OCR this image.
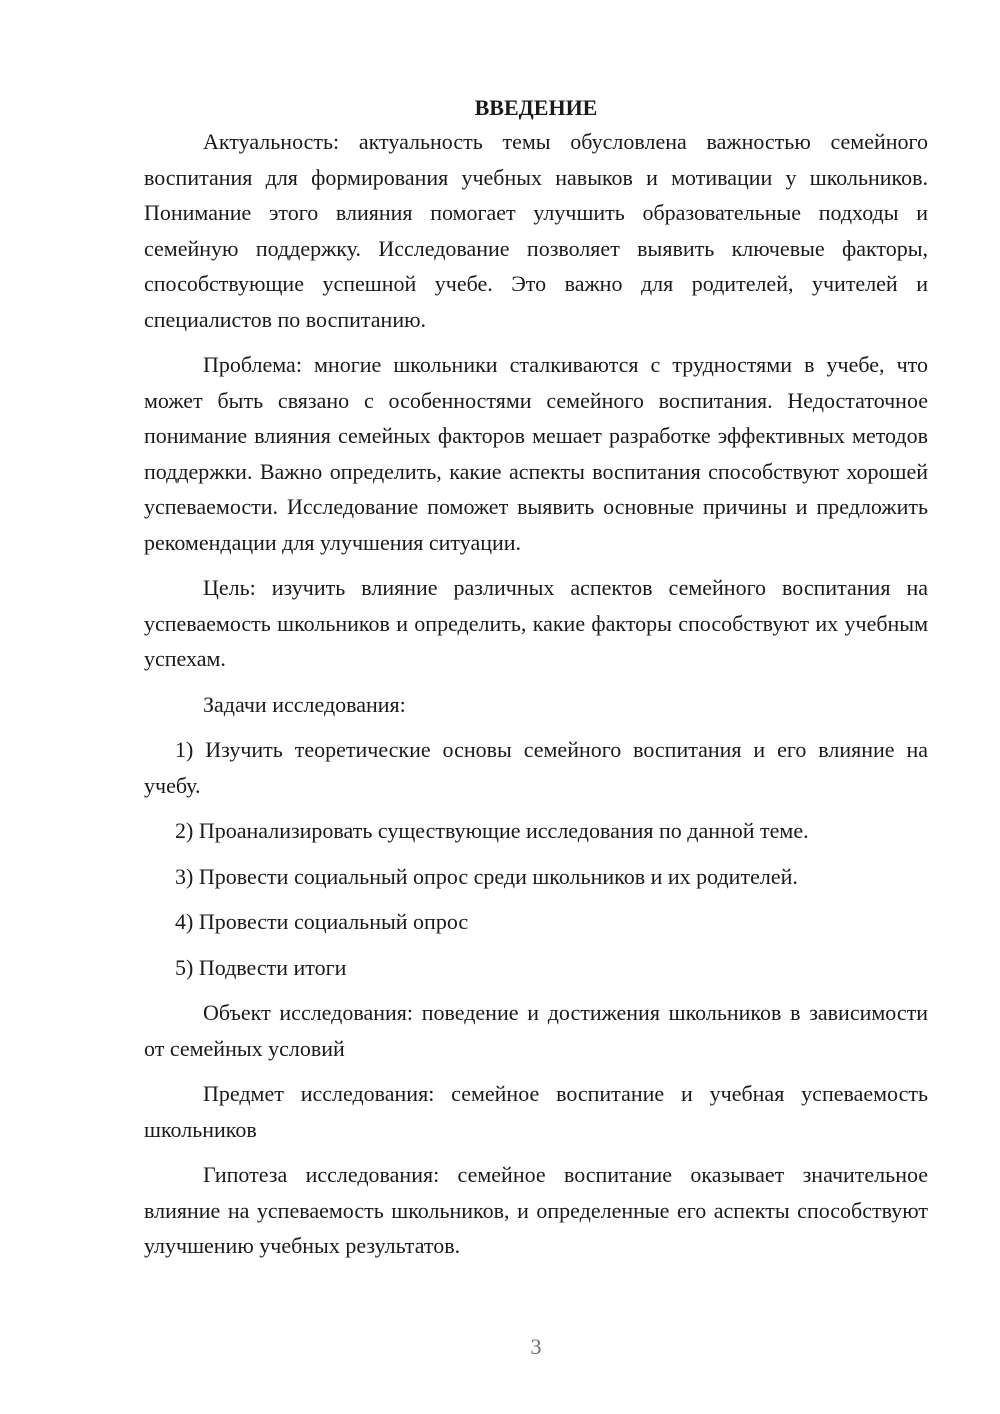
ВВЕДЕНИЕ

Актуальность: актуальность темы обусловлена важностью семейного воспитания для формирования учебных навыков и мотивации у школьников. Понимание этого влияния помогает улучшить образовательные подходы и семейную поддержку. Исследование позволяет выявить ключевые факторы, способствующие успешной учебе. Это важно для родителей, учителей и специалистов по воспитанию.

Проблема: многие школьники сталкиваются с трудностями в учебе, что может быть связано с особенностями семейного воспитания. Недостаточное понимание влияния семейных факторов мешает разработке эффективных методов поддержки. Важно определить, какие аспекты воспитания способствуют хорошей успеваемости. Исследование поможет выявить основные причины и предложить рекомендации для улучшения ситуации.

Цель: изучить влияние различных аспектов семейного воспитания на успеваемость школьников и определить, какие факторы способствуют их учебным успехам.

Задачи исследования:

1) Изучить теоретические основы семейного воспитания и его влияние на учебу.

2) Проанализировать существующие исследования по данной теме.

3) Провести социальный опрос среди школьников и их родителей.

4) Провести социальный опрос

5) Подвести итоги

Объект исследования: поведение и достижения школьников в зависимости от семейных условий

Предмет исследования: семейное воспитание и учебная успеваемость школьников

Гипотеза исследования: семейное воспитание оказывает значительное влияние на успеваемость школьников, и определенные его аспекты способствуют улучшению учебных результатов.

3
